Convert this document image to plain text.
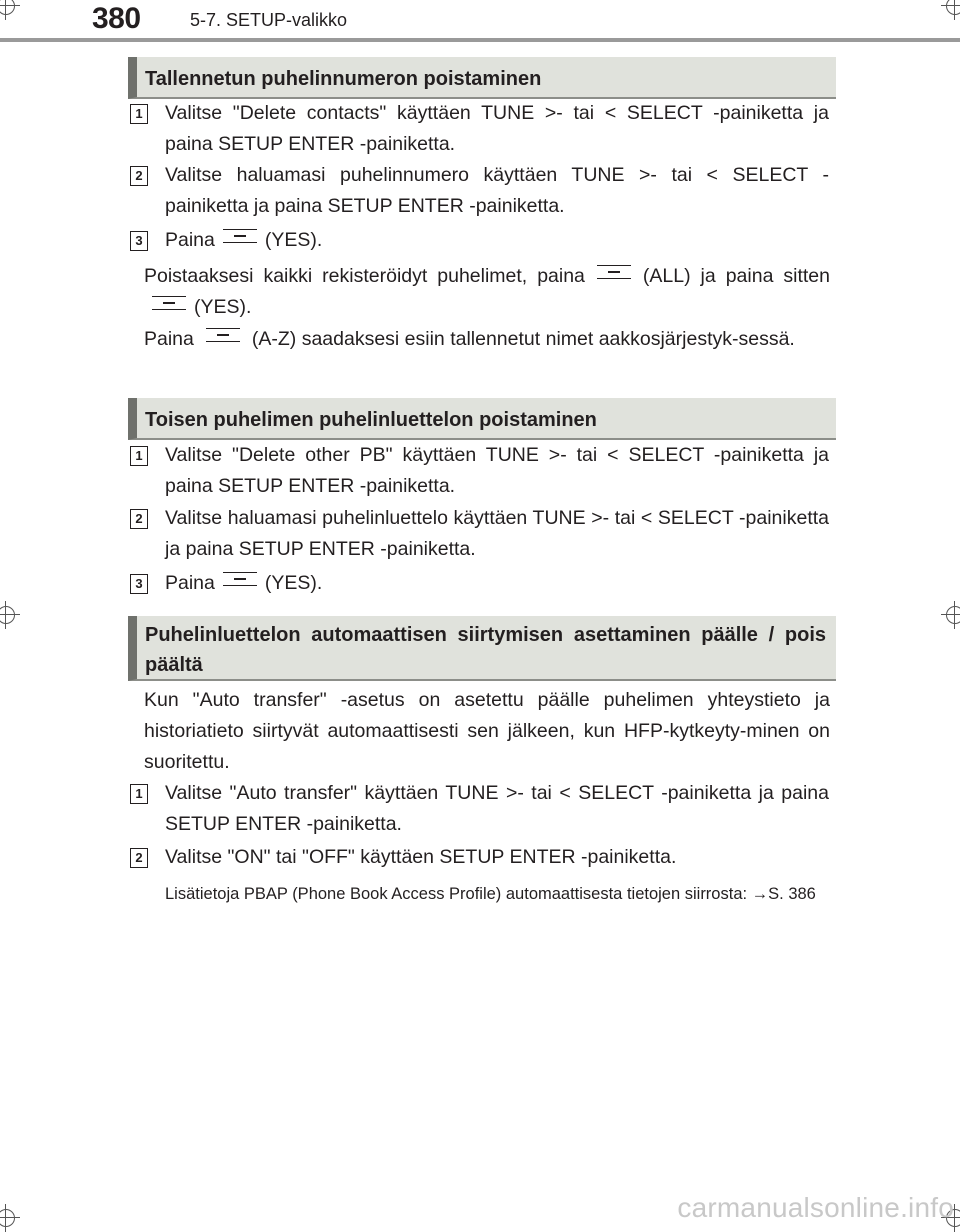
380	5-7. SETUP-valikko
Tallennetun puhelinnumeron poistaminen
1 Valitse "Delete contacts" käyttäen TUNE >- tai < SELECT -painiketta ja paina SETUP ENTER -painiketta.
2 Valitse haluamasi puhelinnumero käyttäen TUNE >- tai < SELECT -painiketta ja paina SETUP ENTER -painiketta.
3 Paina	(YES).
Poistaaksesi kaikki rekisteröidyt puhelimet, paina	(ALL) ja paina sitten(YES).
Paina	(A-Z) saadaksesi esiin tallennetut nimet aakkosjärjestyk-sessä.
Toisen puhelimen puhelinluettelon poistaminen
1 Valitse "Delete other PB" käyttäen TUNE >- tai < SELECT -painiketta ja paina SETUP ENTER -painiketta.
2 Valitse haluamasi puhelinluettelo käyttäen TUNE >- tai < SELECT -painiketta ja paina SETUP ENTER -painiketta.
3 Paina	(YES).
Puhelinluettelon automaattisen siirtymisen asettaminen päälle / pois päältä
Kun "Auto transfer" -asetus on asetettu päälle puhelimen yhteystieto ja historiatieto siirtyvät automaattisesti sen jälkeen, kun HFP-kytkeyty-minen on suoritettu.
1 Valitse "Auto transfer" käyttäen TUNE >- tai < SELECT -painiketta ja paina SETUP ENTER -painiketta.
2 Valitse "ON" tai "OFF" käyttäen SETUP ENTER -painiketta.
Lisätietoja PBAP (Phone Book Access Profile) automaattisesta tietojen siirrosta: →S. 386
carmanualsonline.info
